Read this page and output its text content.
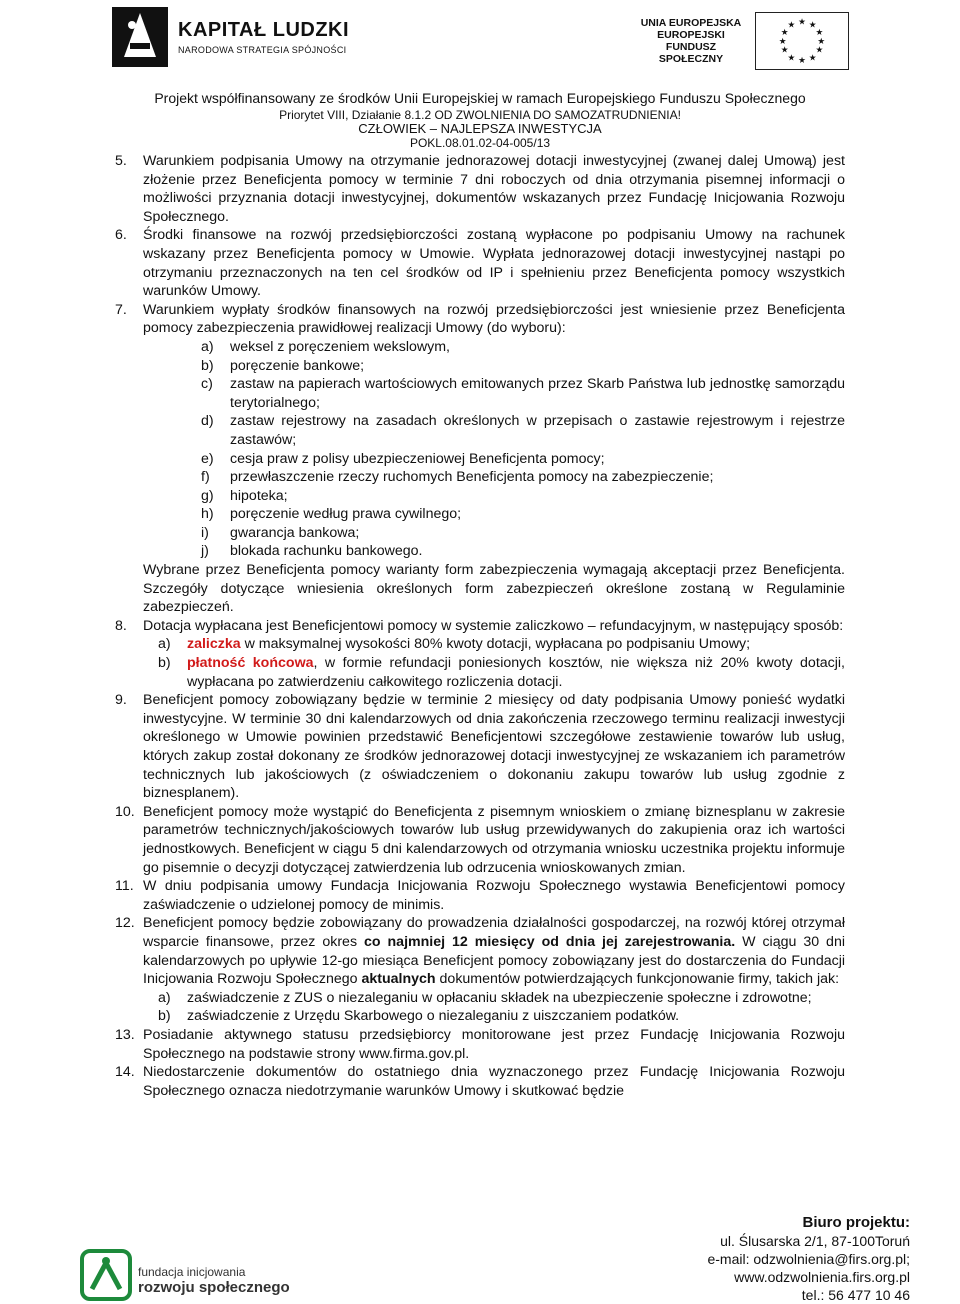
KAPITAŁ LUDZKI
NARODOWA STRATEGIA SPÓJNOŚCI
UNIA EUROPEJSKA
EUROPEJSKI
FUNDUSZ SPOŁECZNY
★ ★
★
★
★
★
★
★
★
★
★
★
Projekt współfinansowany ze środków Unii Europejskiej w ramach Europejskiego Funduszu Społecznego
Priorytet VIII, Działanie 8.1.2 OD ZWOLNIENIA DO SAMOZATRUDNIENIA!
CZŁOWIEK – NAJLEPSZA INWESTYCJA
POKL.08.01.02-04-005/13
5. Warunkiem podpisania Umowy na otrzymanie jednorazowej dotacji inwestycyjnej (zwanej dalej Umową) jest złożenie przez Beneficjenta pomocy w terminie 7 dni roboczych od dnia otrzymania pisemnej informacji o możliwości przyznania dotacji inwestycyjnej, dokumentów wskazanych przez Fundację Inicjowania Rozwoju Społecznego.
6. Środki finansowe na rozwój przedsiębiorczości zostaną wypłacone po podpisaniu Umowy na rachunek wskazany przez Beneficjenta pomocy w Umowie. Wypłata jednorazowej dotacji inwestycyjnej nastąpi po otrzymaniu przeznaczonych na ten cel środków od IP i spełnieniu przez Beneficjenta pomocy wszystkich warunków Umowy.
7. Warunkiem wypłaty środków finansowych na rozwój przedsiębiorczości jest wniesienie przez Beneficjenta pomocy zabezpieczenia prawidłowej realizacji Umowy (do wyboru):
a) weksel z poręczeniem wekslowym,
b) poręczenie bankowe;
c) zastaw na papierach wartościowych emitowanych przez Skarb Państwa lub jednostkę samorządu terytorialnego;
d) zastaw rejestrowy na zasadach określonych w przepisach o zastawie rejestrowym i rejestrze zastawów;
e) cesja praw z polisy ubezpieczeniowej Beneficjenta pomocy;
f) przewłaszczenie rzeczy ruchomych Beneficjenta pomocy na zabezpieczenie;
g) hipoteka;
h) poręczenie według prawa cywilnego;
i) gwarancja bankowa;
j) blokada rachunku bankowego.
Wybrane przez Beneficjenta pomocy warianty form zabezpieczenia wymagają akceptacji przez Beneficjenta. Szczegóły dotyczące wniesienia określonych form zabezpieczeń określone zostaną w Regulaminie zabezpieczeń.
8. Dotacja wypłacana jest Beneficjentowi pomocy w systemie zaliczkowo – refundacyjnym, w następujący sposób:
a) zaliczka w maksymalnej wysokości 80% kwoty dotacji, wypłacana po podpisaniu Umowy;
b) płatność końcowa, w formie refundacji poniesionych kosztów, nie większa niż 20% kwoty dotacji, wypłacana po zatwierdzeniu całkowitego rozliczenia dotacji.
9. Beneficjent pomocy zobowiązany będzie w terminie 2 miesięcy od daty podpisania Umowy ponieść wydatki inwestycyjne. W terminie 30 dni kalendarzowych od dnia zakończenia rzeczowego terminu realizacji inwestycji określonego w Umowie powinien przedstawić Beneficjentowi szczegółowe zestawienie towarów lub usług, których zakup został dokonany ze środków jednorazowej dotacji inwestycyjnej ze wskazaniem ich parametrów technicznych lub jakościowych (z oświadczeniem o dokonaniu zakupu towarów lub usług zgodnie z biznesplanem).
10. Beneficjent pomocy może wystąpić do Beneficjenta z pisemnym wnioskiem o zmianę biznesplanu w zakresie parametrów technicznych/jakościowych towarów lub usług przewidywanych do zakupienia oraz ich wartości jednostkowych. Beneficjent w ciągu 5 dni kalendarzowych od otrzymania wniosku uczestnika projektu informuje go pisemnie o decyzji dotyczącej zatwierdzenia lub odrzucenia wnioskowanych zmian.
11. W dniu podpisania umowy Fundacja Inicjowania Rozwoju Społecznego wystawia Beneficjentowi pomocy zaświadczenie o udzielonej pomocy de minimis.
12. Beneficjent pomocy będzie zobowiązany do prowadzenia działalności gospodarczej, na rozwój której otrzymał wsparcie finansowe, przez okres co najmniej 12 miesięcy od dnia jej zarejestrowania. W ciągu 30 dni kalendarzowych po upływie 12-go miesiąca Beneficjent pomocy zobowiązany jest do dostarczenia do Fundacji Inicjowania Rozwoju Społecznego aktualnych dokumentów potwierdzających funkcjonowanie firmy, takich jak:
a) zaświadczenie z ZUS o niezaleganiu w opłacaniu składek na ubezpieczenie społeczne i zdrowotne;
b) zaświadczenie z Urzędu Skarbowego o niezaleganiu z uiszczaniem podatków.
13. Posiadanie aktywnego statusu przedsiębiorcy monitorowane jest przez Fundację Inicjowania Rozwoju Społecznego na podstawie strony www.firma.gov.pl.
14. Niedostarczenie dokumentów do ostatniego dnia wyznaczonego przez Fundację Inicjowania Rozwoju Społecznego oznacza niedotrzymanie warunków Umowy i skutkować będzie
fundacja inicjowania
rozwoju społecznego
Biuro projektu:
ul. Ślusarska 2/1, 87-100Toruń
e-mail: odzwolnienia@firs.org.pl;
www.odzwolnienia.firs.org.pl
tel.: 56 477 10 46
